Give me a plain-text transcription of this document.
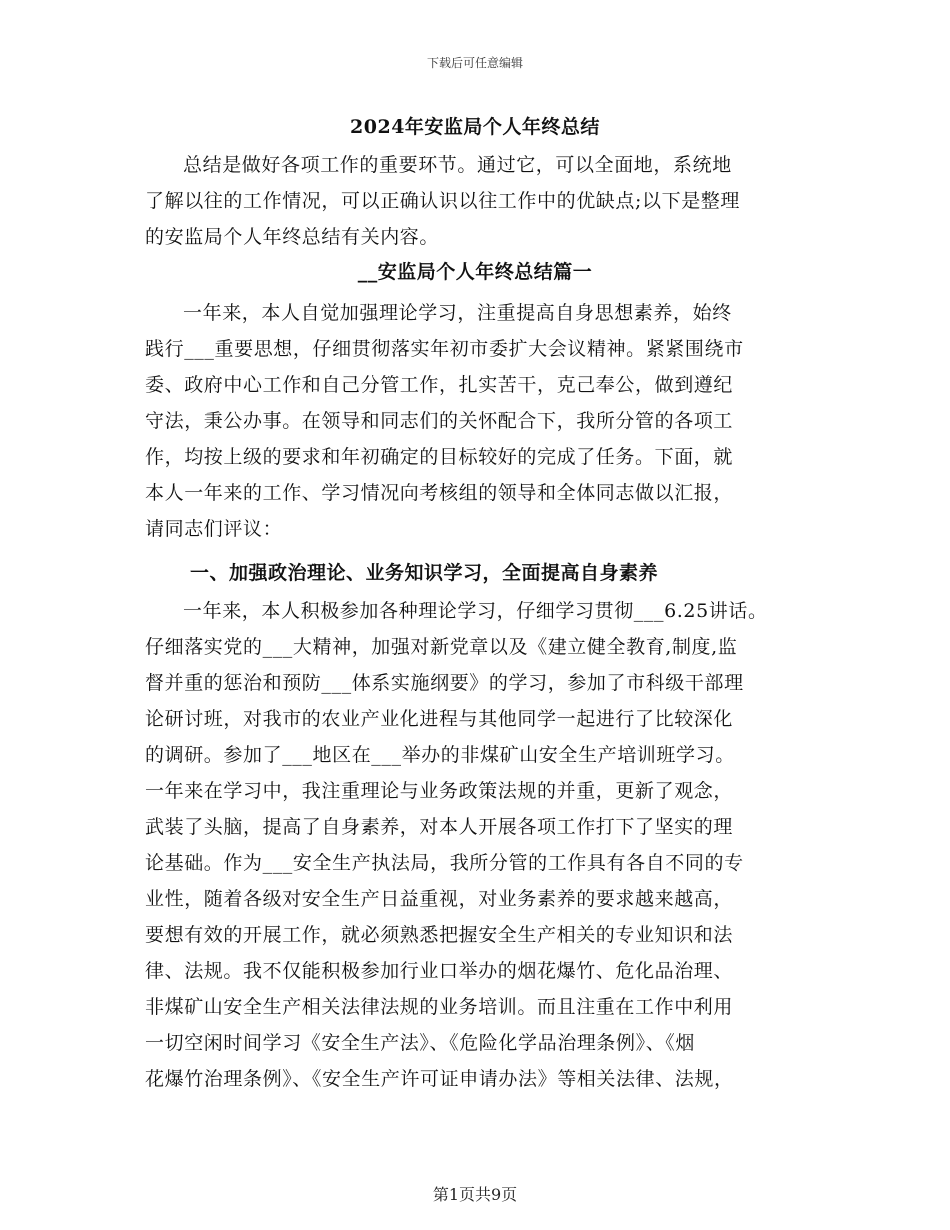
下载后可任意编辑
2024年安监局个人年终总结
总结是做好各项工作的重要环节。通过它，可以全面地，系统地
了解以往的工作情况，可以正确认识以往工作中的优缺点;以下是整理
的安监局个人年终总结有关内容。
一年来，本人自觉加强理论学习，注重提高自身思想素养，始终
践行___重要思想，仔细贯彻落实年初市委扩大会议精神。紧紧围绕市
委、政府中心工作和自己分管工作，扎实苦干，克己奉公，做到遵纪
守法，秉公办事。在领导和同志们的关怀配合下，我所分管的各项工
作，均按上级的要求和年初确定的目标较好的完成了任务。下面，就
本人一年来的工作、学习情况向考核组的领导和全体同志做以汇报，
请同志们评议：
一年来，本人积极参加各种理论学习，仔细学习贯彻___6.25讲话。
仔细落实党的___大精神，加强对新党章以及《建立健全教育,制度,监
督并重的惩治和预防___体系实施纲要》的学习，参加了市科级干部理
论研讨班，对我市的农业产业化进程与其他同学一起进行了比较深化
的调研。参加了___地区在___举办的非煤矿山安全生产培训班学习。
一年来在学习中，我注重理论与业务政策法规的并重，更新了观念，
武装了头脑，提高了自身素养，对本人开展各项工作打下了坚实的理
论基础。作为___安全生产执法局，我所分管的工作具有各自不同的专
业性，随着各级对安全生产日益重视，对业务素养的要求越来越高，
要想有效的开展工作，就必须熟悉把握安全生产相关的专业知识和法
律、法规。我不仅能积极参加行业口举办的烟花爆竹、危化品治理、
非煤矿山安全生产相关法律法规的业务培训。而且注重在工作中利用
一切空闲时间学习《安全生产法》、《危险化学品治理条例》、《烟
花爆竹治理条例》、《安全生产许可证申请办法》等相关法律、法规，
__安监局个人年终总结篇一
一、加强政治理论、业务知识学习，全面提高自身素养
第1页共9页
